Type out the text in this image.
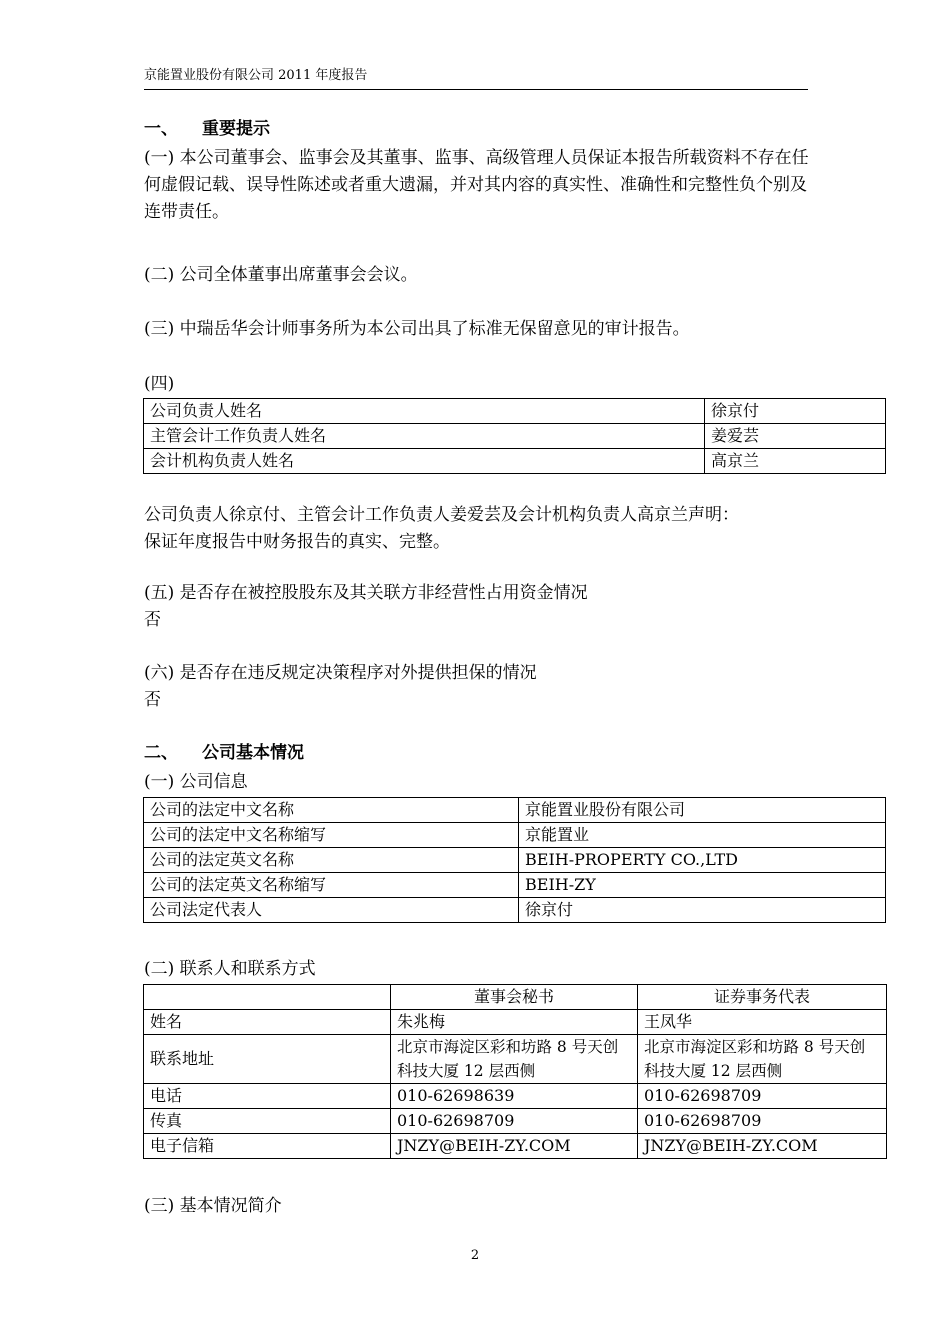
京能置业股份有限公司 2011 年度报告
一、 重要提示
(一) 本公司董事会、监事会及其董事、监事、高级管理人员保证本报告所载资料不存在任何虚假记载、误导性陈述或者重大遗漏，并对其内容的真实性、准确性和完整性负个别及连带责任。
(二) 公司全体董事出席董事会会议。
(三) 中瑞岳华会计师事务所为本公司出具了标准无保留意见的审计报告。
(四)
公司负责人姓名	徐京付
主管会计工作负责人姓名	姜爱芸
会计机构负责人姓名	高京兰
公司负责人徐京付、主管会计工作负责人姜爱芸及会计机构负责人高京兰声明：
保证年度报告中财务报告的真实、完整。
(五) 是否存在被控股股东及其关联方非经营性占用资金情况
否
(六) 是否存在违反规定决策程序对外提供担保的情况
否
二、 公司基本情况
(一) 公司信息
公司的法定中文名称	京能置业股份有限公司
公司的法定中文名称缩写	京能置业
公司的法定英文名称	BEIH-PROPERTY CO.,LTD
公司的法定英文名称缩写	BEIH-ZY
公司法定代表人	徐京付
(二) 联系人和联系方式
	董事会秘书	证券事务代表
姓名	朱兆梅	王凤华
联系地址	北京市海淀区彩和坊路 8 号天创科技大厦 12 层西侧	北京市海淀区彩和坊路 8 号天创科技大厦 12 层西侧
电话	010-62698639	010-62698709
传真	010-62698709	010-62698709
电子信箱	JNZY@BEIH-ZY.COM	JNZY@BEIH-ZY.COM
(三) 基本情况简介
2
